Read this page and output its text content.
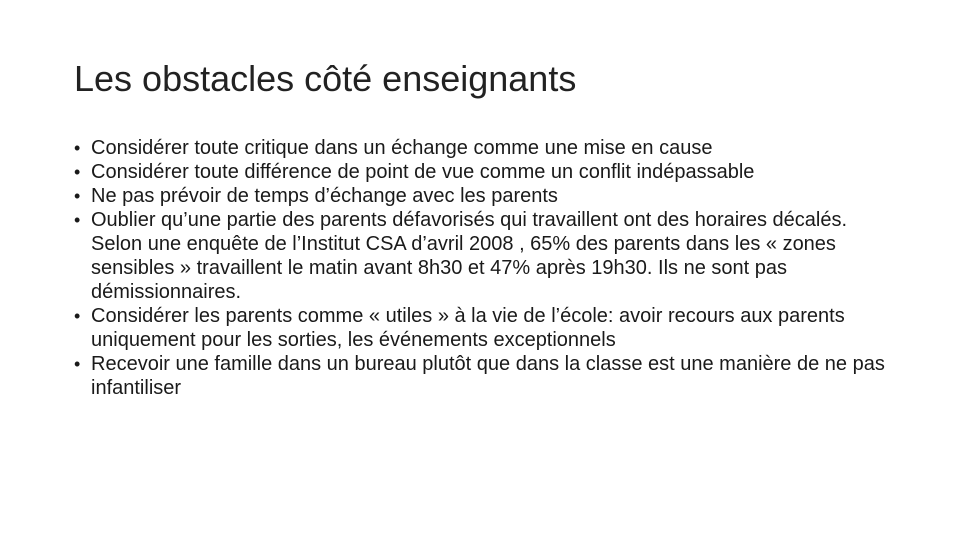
Les obstacles côté enseignants
• Considérer toute critique dans un échange comme une mise en cause
• Considérer toute différence de point de vue comme un conflit indépassable
• Ne pas prévoir de temps d’échange avec les parents
• Oublier qu’une partie des parents défavorisés qui travaillent ont des horaires décalés. Selon une enquête de l’Institut CSA d’avril 2008 , 65% des parents dans les « zones sensibles » travaillent le matin avant 8h30 et 47% après 19h30. Ils ne sont pas démissionnaires.
• Considérer les parents comme « utiles » à la vie de l’école: avoir recours aux parents uniquement pour les sorties, les événements exceptionnels
• Recevoir une famille dans un bureau plutôt que dans la classe est une manière de ne pas infantiliser
